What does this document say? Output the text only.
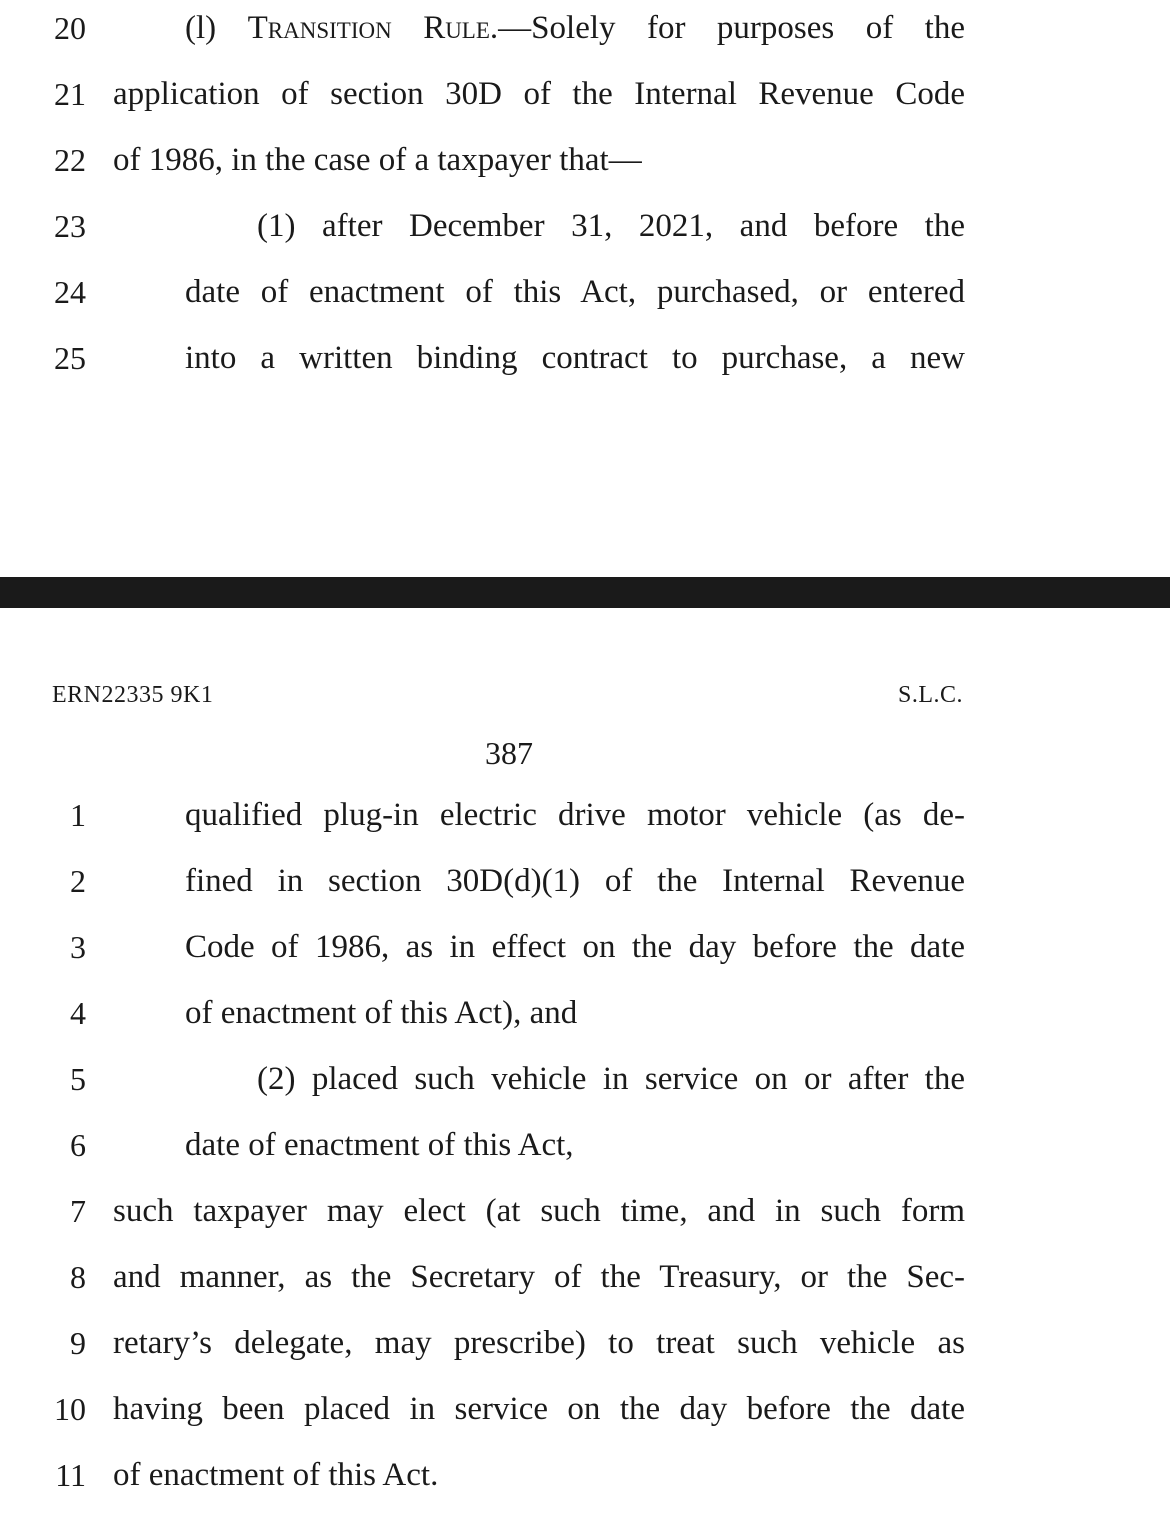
20	(l) Transition Rule.—Solely for purposes of the
21 application of section 30D of the Internal Revenue Code
22 of 1986, in the case of a taxpayer that—
23	(1) after December 31, 2021, and before the
24	date of enactment of this Act, purchased, or entered
25	into a written binding contract to purchase, a new
ERN22335 9K1	S.L.C.
387
1	qualified plug-in electric drive motor vehicle (as de-
2	fined in section 30D(d)(1) of the Internal Revenue
3	Code of 1986, as in effect on the day before the date
4	of enactment of this Act), and
5	(2) placed such vehicle in service on or after the
6	date of enactment of this Act,
7 such taxpayer may elect (at such time, and in such form
8 and manner, as the Secretary of the Treasury, or the Sec-
9 retary’s delegate, may prescribe) to treat such vehicle as
10 having been placed in service on the day before the date
11 of enactment of this Act.
